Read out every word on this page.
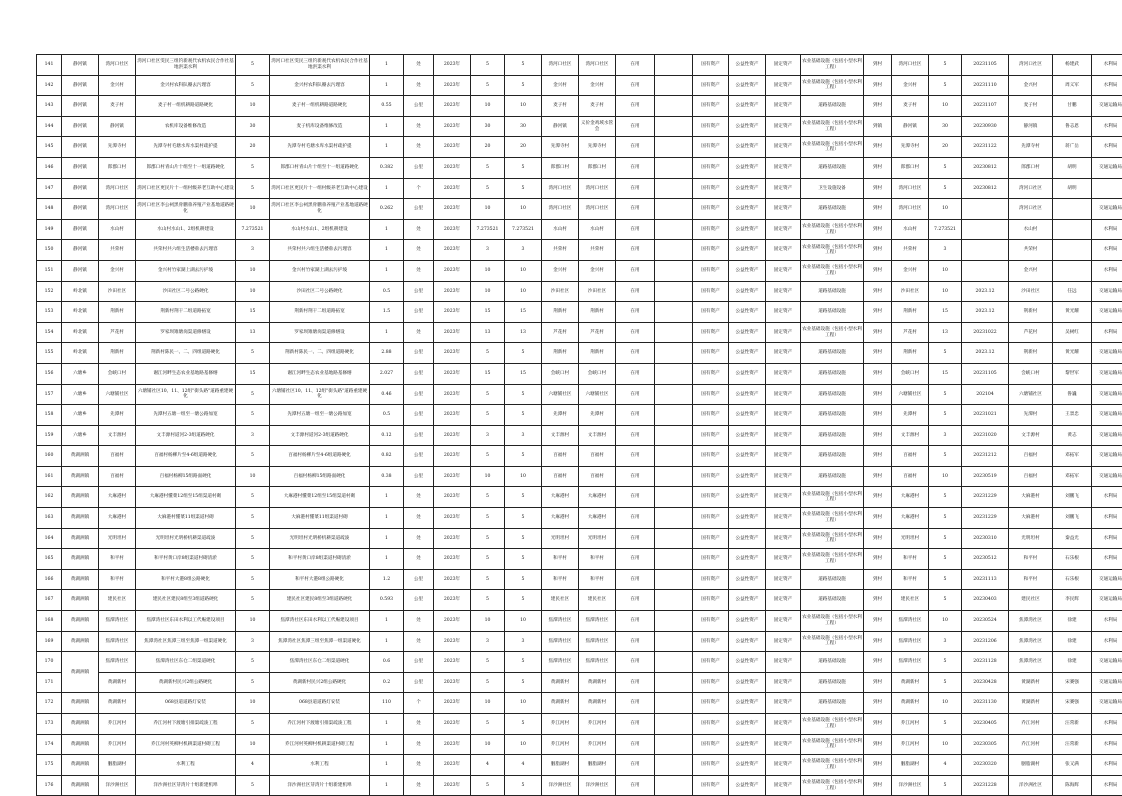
141	静河镇	湾河口社区	湾河口社区雯民三组钓新观代农机农民合作社基地洪渠水利	5	湾河口社区雯民三组钓新观代农机农民合作社基地洪渠水利	1	处	2023年	5	5	湾河口社区	湾河口社区	在用		国有资产	公益性资产	固定资产	农业基础设施（包括小型水利工程）	到村	湾河口社区	5	20231105	湾河口社区	杨建武	水利局
142	静河镇	金兴村	金兴村农科队瓣去污理容	5	金兴村农科队瓣去污理容	1	处	2023年	5	5	金兴村	金兴村	在用		国有资产	公益性资产	固定资产	农业基础设施（包括小型水利工程）	到村	金兴村	5	20231110	金兴村	周义军	水利局
143	静河镇	麦子村	麦子村一组机耕路道路硬化	10	麦子村一组机耕路道路硬化	0.55	公里	2023年	10	10	麦子村	麦子村	在用		国有资产	公益性资产	固定资产	道路基础设施	到村	麦子村	10	20231107	麦子村	甘鹏	交通运输局
144	静河镇	静河镇	农机库设备维修改造	30	麦子机库设备维修改造	1	处	2023年	30	30	静河镇	义价金鸡域水管会	在用		国有资产	公益性资产	固定资产	农业基础设施（包括小型水利工程）	到镇	静河镇	30	20230930	静河镇	鲁志恩	水利局
145	静河镇	先潭寺村	先潭寺村毛塘水库水渠村疏护提	20	先潭寺村毛塘水库水渠村疏护提	1	处	2023年	20	20	先潭寺村	先潭寺村	在用		国有资产	公益性资产	固定资产	农业基础设施（包括小型水利工程）	到村	先潭寺村	20	20231122	先潭寺村	蒋广岳	水利局
146	静河镇	郎郡口村	郎郡口村青山片十组至十一组道路硬化	5	郎郡口村青山片十组至十一组道路硬化	0.382	公里	2023年	5	5	郎郡口村	郎郡口村	在用		国有资产	公益性资产	固定资产	道路基础设施	到村	郎郡口村	5	20230812	郎郡口村	胡明	交通运输局
147	静河镇	湾河口社区	湾河口社区更民片十一组村级养老互助中心建设	5	湾河口社区更民片十一组村级养老互助中心建设	1	个	2023年	5	5	湾河口社区	湾河口社区	在用		国有资产	公益性资产	固定资产	卫生设施设备	到村	湾河口社区	5	20230812	湾河口社区	胡明	
148	静河镇	湾河口社区	湾河口社区李公祠黑骨鹏垂养殖产业基地道路硬化	10	湾河口社区李公祠黑骨鹏垂养殖产业基地道路硬化	0.262	公里	2023年	10	10	湾河口社区	湾河口社区	在用		国有资产	公益性资产	固定资产	道路基础设施	到村	湾河口社区	10		湾河口社区		交通运输局
149	静河镇	水山村	水山村水山1、2组机耕建设	7.273521	水山村水山1、2组机耕建设	1	处	2023年	7.273521	7.273521	水山村	水山村	在用		国有资产	公益性资产	固定资产	农业基础设施（包括小型水利工程）	到村	水山村	7.273521		水山村		水利局
150	静河镇	共荣村	共荣村共六组生活楼垂去污理容	3	共荣村共六组生活楼垂去污理容	1	处	2023年	3	3	共荣村	共荣村	在用		国有资产	公益性资产	固定资产	农业基础设施（包括小型水利工程）	到村	共荣村	3		共荣村		水利局
151	静河镇	金兴村	金兴村竹家湖上湖去污护坡	10	金兴村竹家湖上湖去污护坡	1	处	2023年	10	10	金兴村	金兴村	在用		国有资产	公益性资产	固定资产	农业基础设施（包括小型水利工程）	到村	金兴村	10		金兴村		水利局
152	岭北镇	沙田社区	沙田社区二号公路硬化	10	沙田社区二号公路硬化	0.5	公里	2023年	10	10	沙田社区	沙田社区	在用		国有资产	公益性资产	固定资产	道路基础设施	到村	沙田社区	10	2023.12	沙田社区	任远	交通运输局
153	岭北镇	荆新村	荆新村荆干二组道路拓宽	15	荆新村荆干二组道路拓宽	1.5	公里	2023年	15	15	荆新村	荆新村	在用		国有资产	公益性资产	固定资产	道路基础设施	到村	荆新村	15	2023.12	荆新村	黄光耀	交通运输局
154	岭北镇	芦花村	罗家坝雉塘岗渠道修缮设	13	罗家坝雉塘岗渠道修缮设	1	处	2023年	13	13	芦花村	芦花村	在用		国有资产	公益性资产	固定资产	农业基础设施（包括小型水利工程）	到村	芦花村	13	20231022	芦花村	吴树红	水利局
155	岭北镇	荆新村	荆新村陈民一、二、四组道路硬化	5	荆新村陈民一、二、四组道路硬化	2.88	公里	2023年	5	5	荆新村	荆新村	在用		国有资产	公益性资产	固定资产	道路基础设施	到村	荆新村	5	2023.12	荆新村	黄光耀	交通运输局
156	六塘乡	会峡口村	谢江河畔生态农业基地路基修缮	15	谢江河畔生态农业基地路基修缮	2.027	公里	2023年	15	15	会峡口村	会峡口村	在用		国有资产	公益性资产	固定资产	道路基础设施	到村	会峡口村	15	20231105	会峡口村	黎世军	交通运输局
157	六塘乡	六塘铺社区	六塘铺社区10、11、12组"街头路"道路重建硬化	5	六塘铺社区10、11、12组"街头路"道路重建硬化	0.46	公里	2023年	5	5	六塘铺社区	六塘铺社区	在用		国有资产	公益性资产	固定资产	道路基础设施	到村	六塘铺社区	5	202104	六塘铺社区	鲁巍	交通运输局
158	六塘乡	先潭村	先潭村五塘一组至一塘公路加宽	5	先潭村五塘一组至一塘公路加宽	0.5	公里	2023年	5	5	先潭村	先潭村	在用		国有资产	公益性资产	固定资产	道路基础设施	到村	先潭村	5	20231021	先潭村	王景忠	交通运输局
159	六塘乡	文丰源村	文丰源村道河2-3组道路硬化	3	文丰源村道河2-3组道路硬化	0.12	公里	2023年	3	3	文丰源村	文丰源村	在用		国有资产	公益性资产	固定资产	道路基础设施	到村	文丰源村	3	20231020	文丰源村	黄志	交通运输局
160	黄湖洲镇	百福村	百福村杨柳片至4-6组道路硬化	5	百福村杨柳片至4-6组道路硬化	0.82	公里	2023年	5	5	百福村	百福村	在用		国有资产	公益性资产	固定资产	道路基础设施	到村	百福村	5	20231212	百福村	邓拓军	交通运输局
161	黄湖洲镇	百福村	百福村杨柳15组路面硬化	10	百福村杨柳15组路面硬化	0.38	公里	2023年	10	10	百福村	百福村	在用		国有资产	公益性资产	固定资产	道路基础设施	到村	百福村	10	20230519	百福村	邓拓军	交通运输局
162	黄湖洲镇	大麻港村	大麻港村懂菜12组至15组渠道村砌	5	大麻港村懂菜12组至15组渠道村砌	1	处	2023年	5	5	大麻港村	大麻港村	在用		国有资产	公益性资产	固定资产	农业基础设施（包括小型水利工程）	到村	大麻港村	5	20231229	大麻港村	刘鹏飞	水利局
163	黄湖洲镇	大麻港村	大麻港村懂菜11组渠道村砌	5	大麻港村懂菜11组渠道村砌	1	处	2023年	5	5	大麻港村	大麻港村	在用		国有资产	公益性资产	固定资产	农业基础设施（包括小型水利工程）	到村	大麻港村	5	20231229	大麻港村	刘鹏飞	水利局
164	黄湖洲镇	光明坦村	光明坦村光明桥机耕渠道疏浚	5	光明坦村光明桥机耕渠道疏浚	1	处	2023年	5	5	光明坦村	光明坦村	在用		国有资产	公益性资产	固定资产	农业基础设施（包括小型水利工程）	到村	光明坦村	5	20230310	光明坦村	秦益光	水利局
165	黄湖洲镇	和平村	和平村黄口岸8组渠道村砌清淤	5	和平村黄口岸8组渠道村砌清淤	1	处	2023年	5	5	和平村	和平村	在用		国有资产	公益性资产	固定资产	农业基础设施（包括小型水利工程）	到村	和平村	5	20230512	和平村	石乐根	水利局
166	黄湖洲镇	和平村	和平村大港8组公路硬化	5	和平村大港8组公路硬化	1.2	公里	2023年	5	5	和平村	和平村	在用		国有资产	公益性资产	固定资产	道路基础设施	到村	和平村	5	20231113	和平村	石乐根	交通运输局
167	黄湖洲镇	建民社区	建民社区建民8组至3组道路硬化	5	建民社区建民8组至3组道路硬化	0.593	公里	2023年	5	5	建民社区	建民社区	在用		国有资产	公益性资产	固定资产	道路基础设施	到村	建民社区	5	20230403	建民社区	李民辉	交通运输局
168	黄湖洲镇	焦潭湾社区	焦潭湾社区东田水利以工代赈建设项目	10	焦潭湾社区东田水利以工代赈建设项目	1	处	2023年	10	10	焦潭湾社区	焦潭湾社区	在用		国有资产	公益性资产	固定资产	农业基础设施（包括小型水利工程）	到村	焦潭湾社区	10	20230524	焦潭湾社区	徐建	水利局
169	黄湖洲镇	焦潭湾社区	焦潭湾社区焦潭三组至焦潭一组渠道硬化	3	焦潭湾社区焦潭三组至焦潭一组渠道硬化	1	处	2023年	3	3	焦潭湾社区	焦潭湾社区	在用		国有资产	公益性资产	固定资产	农业基础设施（包括小型水利工程）	到村	焦潭湾社区	3	20231206	焦潭湾社区	徐建	水利局
170	黄湖洲镇	焦潭湾社区	焦潭湾社区东仓二组渠道硬化	5	焦潭湾社区东仓二组渠道硬化	0.6	公里	2023年	5	5	焦潭湾社区	焦潭湾社区	在用		国有资产	公益性资产	固定资产	道路基础设施	到村	焦潭湾社区	5	20231128	焦潭湾社区	徐建	交通运输局
171		黄湖新村	黄湖新村民兴2组公路硬化	5	黄湖新村民兴2组公路硬化	0.2	公里	2023年	5	5	黄湖新村	黄湖新村	在用		国有资产	公益性资产	固定资产	道路基础设施	到村	黄湖新村	5	20230428	黄湖新村	宋赛强	交通运输局
172	黄湖洲镇	黄湖新村	068县道道路灯安装	10	068县道道路灯安装	110	个	2023年	10	10	黄湖新村	黄湖新村	在用		国有资产	公益性资产	固定资产	道路基础设施	到村	黄湖新村	10	20231130	黄湖新村	宋赛强	交通运输局
173	黄湖洲镇	乔江河村	乔江河村下渡塘引排渠疏浚工程	5	乔江河村下渡塘引排渠疏浚工程	1	处	2023年	5	5	乔江河村	乔江河村	在用		国有资产	公益性资产	固定资产	农业基础设施（包括小型水利工程）	到村	乔江河村	5	20230405	乔江河村	汪常新	水利局
174	黄湖洲镇	乔江河村	乔江河村英柳村机耕渠道村砌工程	10	乔江河村英柳村机耕渠道村砌工程	1	处	2023年	10	10	乔江河村	乔江河村	在用		国有资产	公益性资产	固定资产	农业基础设施（包括小型水利工程）	到村	乔江河村	10	20230305	乔江河村	汪常新	水利局
175	黄湖洲镇	胭脂湖村	水利工程	4	水利工程	1	处	2023年	4	4	胭脂湖村	胭脂湖村	在用		国有资产	公益性资产	固定资产	农业基础设施（包括小型水利工程）	到村	胭脂湖村	4	20230320	胭脂湖村	张又满	水利局
176	黄湖洲镇	洋沙洲社区	洋沙洲社区芽湾片十组新建机埠	5	洋沙洲社区芽湾片十组新建机埠	1	处	2023年	5	5	洋沙洲社区	洋沙洲社区	在用		国有资产	公益性资产	固定资产	农业基础设施（包括小型水利工程）	到村	洋沙洲社区	5	20231228	洋沙洲社区	陈海辉	水利局
